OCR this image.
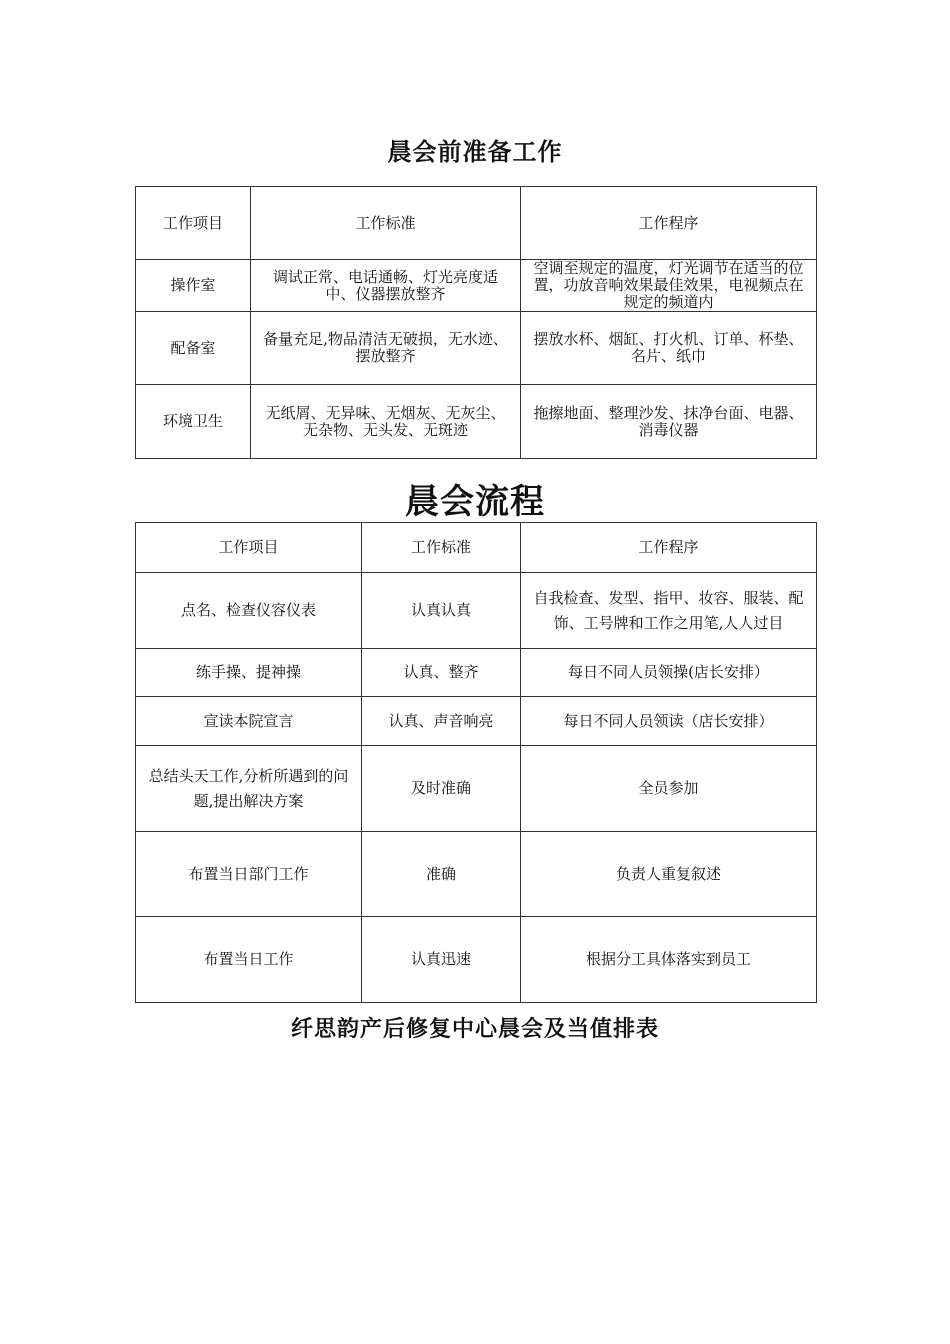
晨会前准备工作
工作项目	工作标准	工作程序
操作室	调试正常、电话通畅、灯光亮度适中、仪器摆放整齐	空调至规定的温度，灯光调节在适当的位置，功放音响效果最佳效果，电视频点在规定的频道内
配备室	备量充足,物品清洁无破损，无水迹、摆放整齐	摆放水杯、烟缸、打火机、订单、杯垫、名片、纸巾
环境卫生	无纸屑、无异味、无烟灰、无灰尘、无杂物、无头发、无斑迹	拖擦地面、整理沙发、抹净台面、电器、消毒仪器
晨会流程
工作项目	工作标准	工作程序
点名、检查仪容仪表	认真认真	自我检查、发型、指甲、妆容、服装、配饰、工号牌和工作之用笔,人人过目
练手操、提神操	认真、整齐	每日不同人员领操(店长安排）
宣读本院宣言	认真、声音响亮	每日不同人员领读（店长安排）
总结头天工作,分析所遇到的问题,提出解决方案	及时准确	全员参加
布置当日部门工作	准确	负责人重复叙述
布置当日工作	认真迅速	根据分工具体落实到员工
纤思韵产后修复中心晨会及当值排表
